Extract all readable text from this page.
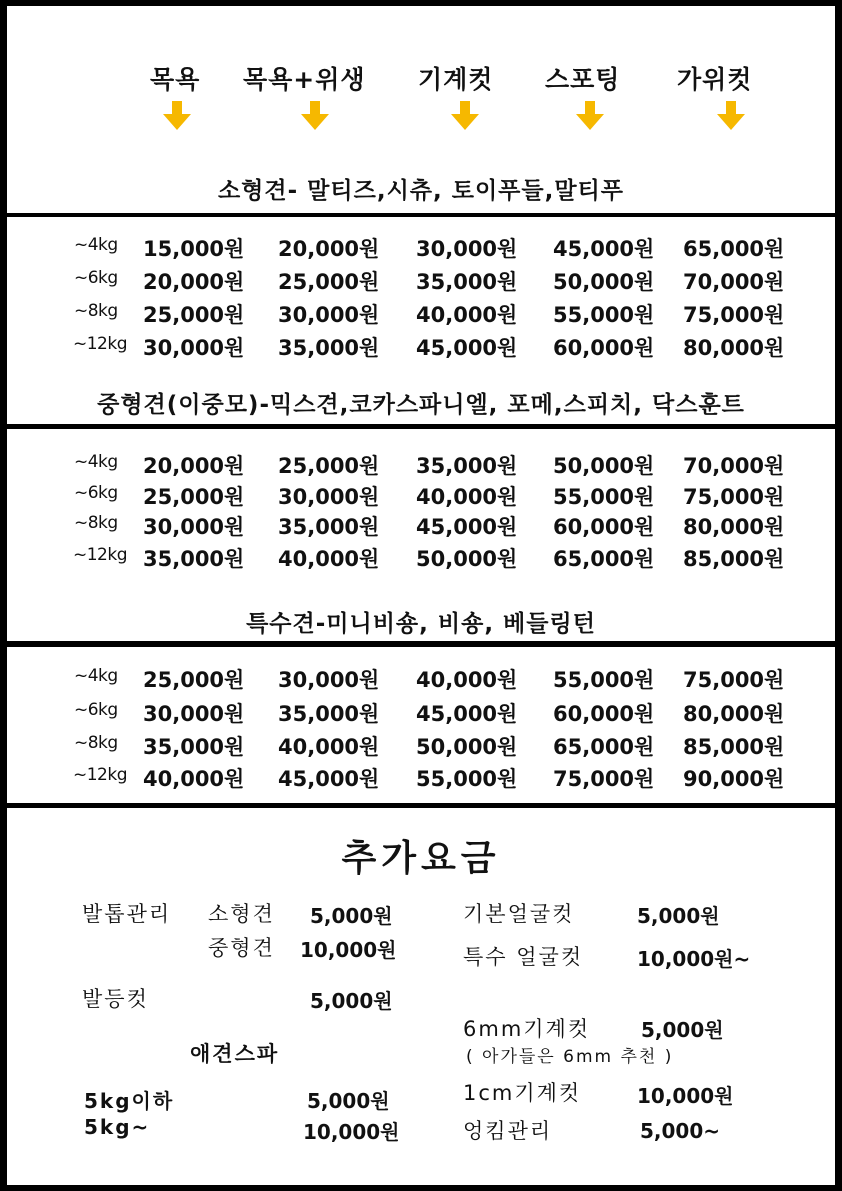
목욕 목욕+위생 기계컷 스포팅 가위컷
소형견- 말티즈,시츄, 토이푸들,말티푸
중형견(이중모)-믹스견,코카스파니엘, 포메,스피치, 닥스훈트
특수견-미니비숑, 비숑, 베들링턴
~4kg 15,000원 20,000원 30,000원 45,000원 65,000원
~6kg 20,000원 25,000원 35,000원 50,000원 70,000원
~8kg 25,000원 30,000원 40,000원 55,000원 75,000원
~12kg 30,000원 35,000원 45,000원 60,000원 80,000원
~4kg 20,000원 25,000원 35,000원 50,000원 70,000원
~6kg 25,000원 30,000원 40,000원 55,000원 75,000원
~8kg 30,000원 35,000원 45,000원 60,000원 80,000원
~12kg 35,000원 40,000원 50,000원 65,000원 85,000원
~4kg 25,000원 30,000원 40,000원 55,000원 75,000원
~6kg 30,000원 35,000원 45,000원 60,000원 80,000원
~8kg 35,000원 40,000원 50,000원 65,000원 85,000원
~12kg 40,000원 45,000원 55,000원 75,000원 90,000원
추가요금
발톱관리 소형견 5,000원
중형견 10,000원
발등컷	5,000원
애견스파
5kg이하	5,000원
5kg~	10,000원
기본얼굴컷	5,000원
특수 얼굴컷	10,000원~
6mm기계컷	5,000원
( 아가들은 6mm 추천 )
1cm기계컷	10,000원
엉킴관리	5,000~
